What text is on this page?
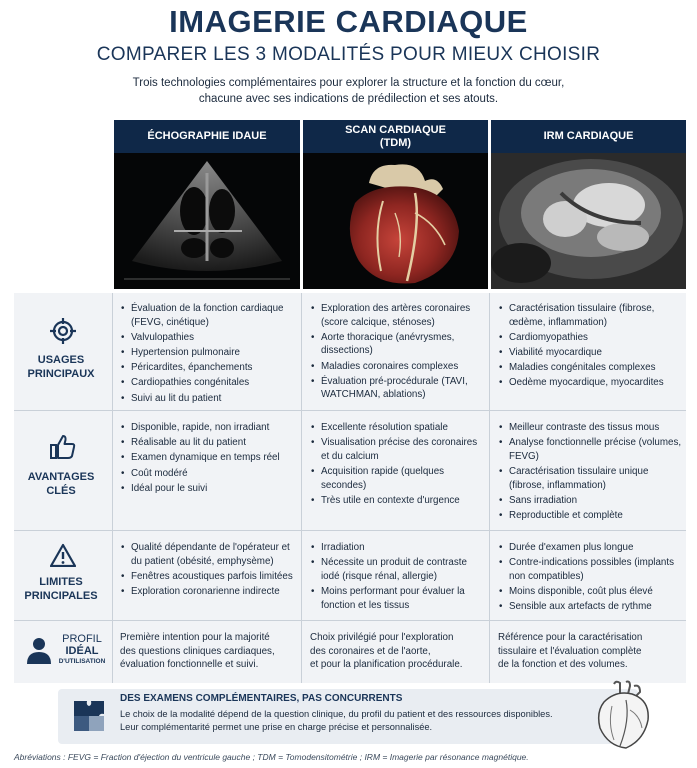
IMAGERIE CARDIAQUE
COMPARER LES 3 MODALITÉS POUR MIEUX CHOISIR
Trois technologies complémentaires pour explorer la structure et la fonction du cœur,
chacune avec ses indications de prédilection et ses atouts.
ÉCHOGRAPHIE IDAUE
SCAN CARDIAQUE
(TDM)
IRM CARDIAQUE
USAGES
PRINCIPAUX
• Évaluation de la fonction cardiaque (FEVG, cinétique)
• Valvulopathies
• Hypertension pulmonaire
• Péricardites, épanchements
• Cardiopathies congénitales
• Suivi au lit du patient
• Exploration des artères coronaires (score calcique, sténoses)
• Aorte thoracique (anévrysmes, dissections)
• Maladies coronaires complexes
• Évaluation pré-procédurale (TAVI, WATCHMAN, ablations)
• Caractérisation tissulaire (fibrose, œdème, inflammation)
• Cardiomyopathies
• Viabilité myocardique
• Maladies congénitales complexes
• Oedème myocardique, myocardites
AVANTAGES
CLÉS
• Disponible, rapide, non irradiant
• Réalisable au lit du patient
• Examen dynamique en temps réel
• Coût modéré
• Idéal pour le suivi
• Excellente résolution spatiale
• Visualisation précise des coronaires et du calcium
• Acquisition rapide (quelques secondes)
• Très utile en contexte d'urgence
• Meilleur contraste des tissus mous
• Analyse fonctionnelle précise (volumes, FEVG)
• Caractérisation tissulaire unique (fibrose, inflammation)
• Sans irradiation
• Reproductible et complète
LIMITES
PRINCIPALES
• Qualité dépendante de l'opérateur et du patient (obésité, emphysème)
• Fenêtres acoustiques parfois limitées
• Exploration coronarienne indirecte
• Irradiation
• Nécessite un produit de contraste iodé (risque rénal, allergie)
• Moins performant pour évaluer la fonction et les tissus
• Durée d'examen plus longue
• Contre-indications possibles (implants non compatibles)
• Moins disponible, coût plus élevé
• Sensible aux artefacts de rythme
PROFIL
IDÉAL
D'UTILISATION
Première intention pour la majorité
des questions cliniques cardiaques,
évaluation fonctionnelle et suivi.
Choix privilégié pour l'exploration
des coronaires et de l'aorte,
et pour la planification procédurale.
Référence pour la caractérisation
tissulaire et l'évaluation complète
de la fonction et des volumes.
DES EXAMENS COMPLÉMENTAIRES, PAS CONCURRENTS
Le choix de la modalité dépend de la question clinique, du profil du patient et des ressources disponibles.
Leur complémentarité permet une prise en charge précise et personnalisée.
Abréviations : FEVG = Fraction d'éjection du ventricule gauche ; TDM = Tomodensitométrie ; IRM = Imagerie par résonance magnétique.
